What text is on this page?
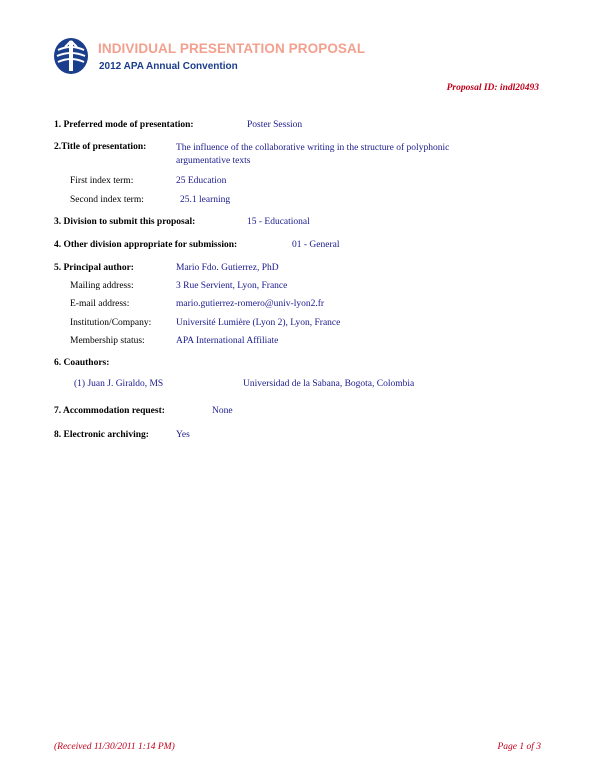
INDIVIDUAL PRESENTATION PROPOSAL
2012 APA Annual Convention
Proposal ID: indl20493
1. Preferred mode of presentation:	Poster Session
2.Title of presentation:	The influence of the collaborative writing in the structure of polyphonic argumentative texts
First index term:	25 Education
Second index term:	25.1 learning
3. Division to submit this proposal:	15 - Educational
4. Other division appropriate for submission:	01 - General
5. Principal author:	Mario Fdo. Gutierrez, PhD
Mailing address:	3 Rue Servient, Lyon, France
E-mail address:	mario.gutierrez-romero@univ-lyon2.fr
Institution/Company:	Université Lumière (Lyon 2), Lyon, France
Membership status:	APA International Affiliate
6. Coauthors:
(1) Juan J. Giraldo, MS	Universidad de la Sabana, Bogota, Colombia
7. Accommodation request:	None
8. Electronic archiving:	Yes
(Received 11/30/2011 1:14 PM)	Page 1 of 3
